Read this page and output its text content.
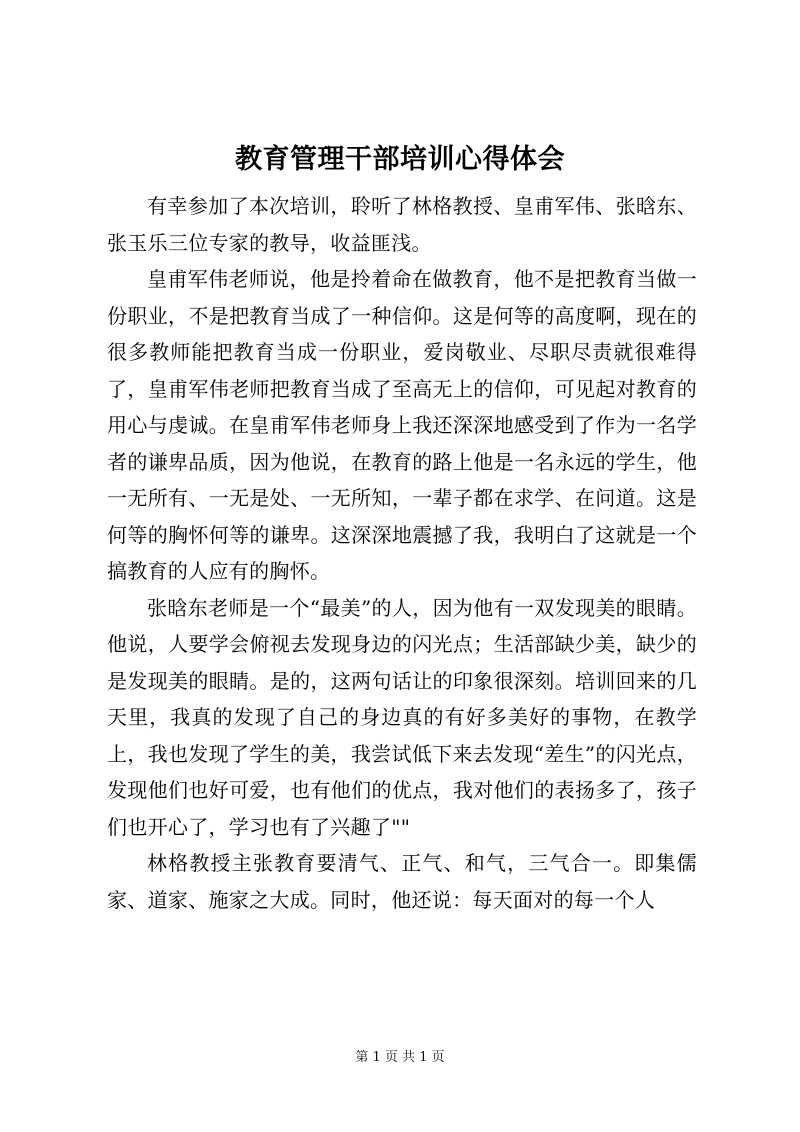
教育管理干部培训心得体会

有幸参加了本次培训，聆听了林格教授、皇甫军伟、张晗东、张玉乐三位专家的教导，收益匪浅。

皇甫军伟老师说，他是拎着命在做教育，他不是把教育当做一份职业，不是把教育当成了一种信仰。这是何等的高度啊，现在的很多教师能把教育当成一份职业，爱岗敬业、尽职尽责就很难得了，皇甫军伟老师把教育当成了至高无上的信仰，可见起对教育的用心与虔诚。在皇甫军伟老师身上我还深深地感受到了作为一名学者的谦卑品质，因为他说，在教育的路上他是一名永远的学生，他一无所有、一无是处、一无所知，一辈子都在求学、在问道。这是何等的胸怀何等的谦卑。这深深地震撼了我，我明白了这就是一个搞教育的人应有的胸怀。

张晗东老师是一个“最美”的人，因为他有一双发现美的眼睛。他说，人要学会俯视去发现身边的闪光点；生活部缺少美，缺少的是发现美的眼睛。是的，这两句话让的印象很深刻。培训回来的几天里，我真的发现了自己的身边真的有好多美好的事物，在教学上，我也发现了学生的美，我尝试低下来去发现“差生”的闪光点，发现他们也好可爱，也有他们的优点，我对他们的表扬多了，孩子们也开心了，学习也有了兴趣了""

林格教授主张教育要清气、正气、和气，三气合一。即集儒家、道家、施家之大成。同时，他还说：每天面对的每一个人

第 1 页 共 1 页
